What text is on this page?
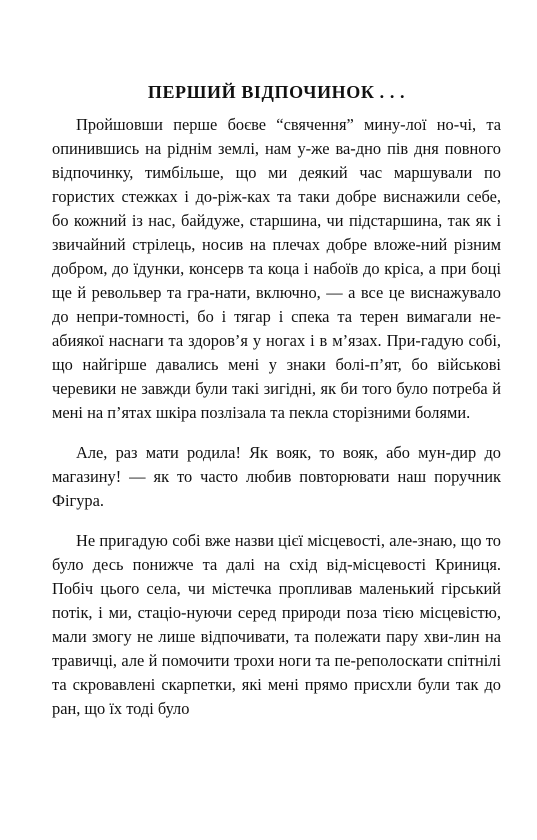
ПЕРШИЙ ВІДПОЧИНОК . . .

Пройшовши перше боєве “свячення” мину-лої но-чі, та опинившись на ріднім землі, нам у-же ва-дно пів дня повного відпочинку, тимбільше, що ми деякий час маршували по гористих стежках і до-ріж-ках та таки добре виснажили себе, бо кожний із нас, байдуже, старшина, чи підстаршина, так як і звичайний стрілець, носив на плечах добре вложе-ний різним добром, до їдунки, консерв та коца і набоїв до кріса, а при боці ще й револьвер та гра-нати, включно, — а все це виснажувало до непри-томності, бо і тягар і спека та терен вимагали не-абиякої наснаги та здоров’я у ногах і в м’язах. При-гадую собі, що найгірше давались мені у знаки болі-п’ят, бо військові черевики не завжди були такі зигідні, як би того було потреба й мені на п’ятах шкіра позлізала та пекла сторізними болями.

Але, раз мати родила! Як вояк, то вояк, або мун-дир до магазину! — як то часто любив повторювати наш поручник Фігура.

Не пригадую собі вже назви цієї місцевості, але-знаю, що то було десь понижче та далі на схід від-місцевості Криниця. Побіч цього села, чи містечка пропливав маленький гірський потік, і ми, стаціо-нуючи серед природи поза тією місцевістю, мали змогу не лише відпочивати, та полежати пару хви-лин на травичці, але й помочити трохи ноги та пе-реполоскати спітнілі та скровавлені скарпетки, які мені прямо присхли були так до ран, що їх тоді було
